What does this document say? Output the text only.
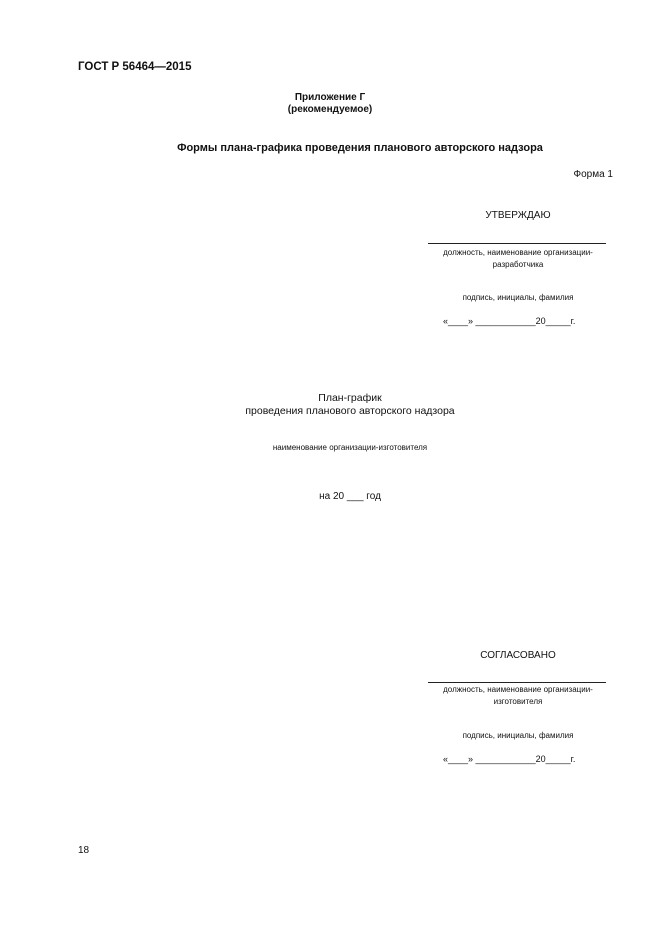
ГОСТ Р 56464—2015
Приложение Г
(рекомендуемое)
Формы плана-графика проведения планового авторского надзора
Форма 1
УТВЕРЖДАЮ
должность, наименование организации-
разработчика
подпись, инициалы, фамилия
«____» ____________20_____г.
План-график
проведения планового авторского надзора
наименование организации-изготовителя
на 20 ___ год
СОГЛАСОВАНО
должность, наименование организации-
изготовителя
подпись, инициалы, фамилия
«____» ____________20_____г.
18
